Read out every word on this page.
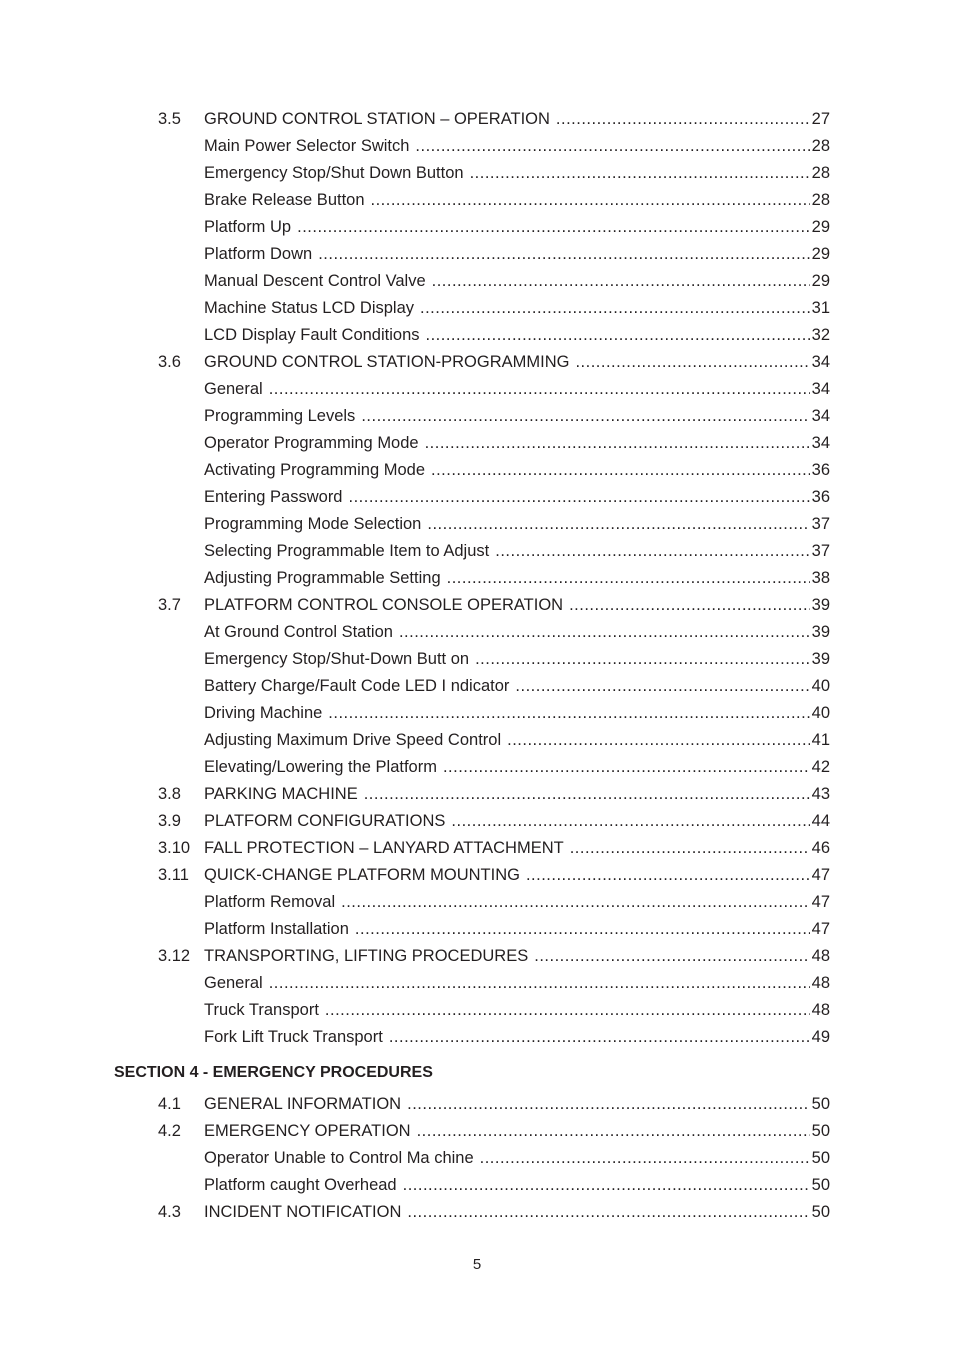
3.5	GROUND CONTROL STATION – OPERATION .....	27
Main Power Selector Switch .....	28
Emergency Stop/Shut Down Button .....	28
Brake Release Button .....	28
Platform Up .....	29
Platform Down .....	29
Manual Descent Control Valve .....	29
Machine Status LCD Display .....	31
LCD Display Fault Conditions .....	32
3.6	GROUND CONTROL STATION-PROGRAMMING .....	34
General .....	34
Programming Levels .....	34
Operator Programming Mode .....	34
Activating Programming Mode .....	36
Entering Password .....	36
Programming Mode Selection .....	37
Selecting Programmable Item to Adjust .....	37
Adjusting Programmable Setting .....	38
3.7	PLATFORM CONTROL CONSOLE OPERATION .....	39
At Ground Control Station .....	39
Emergency Stop/Shut-Down Butt on .....	39
Battery Charge/Fault Code LED I ndicator .....	40
Driving Machine .....	40
Adjusting Maximum Drive Speed Control .....	41
Elevating/Lowering the Platform .....	42
3.8	PARKING MACHINE .....	43
3.9	PLATFORM CONFIGURATIONS .....	44
3.10 FALL PROTECTION – LANYARD ATTACHMENT .....	46
3.11 QUICK-CHANGE PLATFORM MOUNTING .....	47
Platform Removal .....	47
Platform Installation .....	47
3.12 TRANSPORTING, LIFTING PROCEDURES .....	48
General .....	48
Truck Transport .....	48
Fork Lift Truck Transport .....	49
4.1	GENERAL INFORMATION .....	50
4.2	EMERGENCY OPERATION .....	50
Operator Unable to Control Ma chine .....	50
Platform caught Overhead .....	50
4.3	INCIDENT NOTIFICATION .....	50
SECTION 4 - EMERGENCY PROCEDURES
5
